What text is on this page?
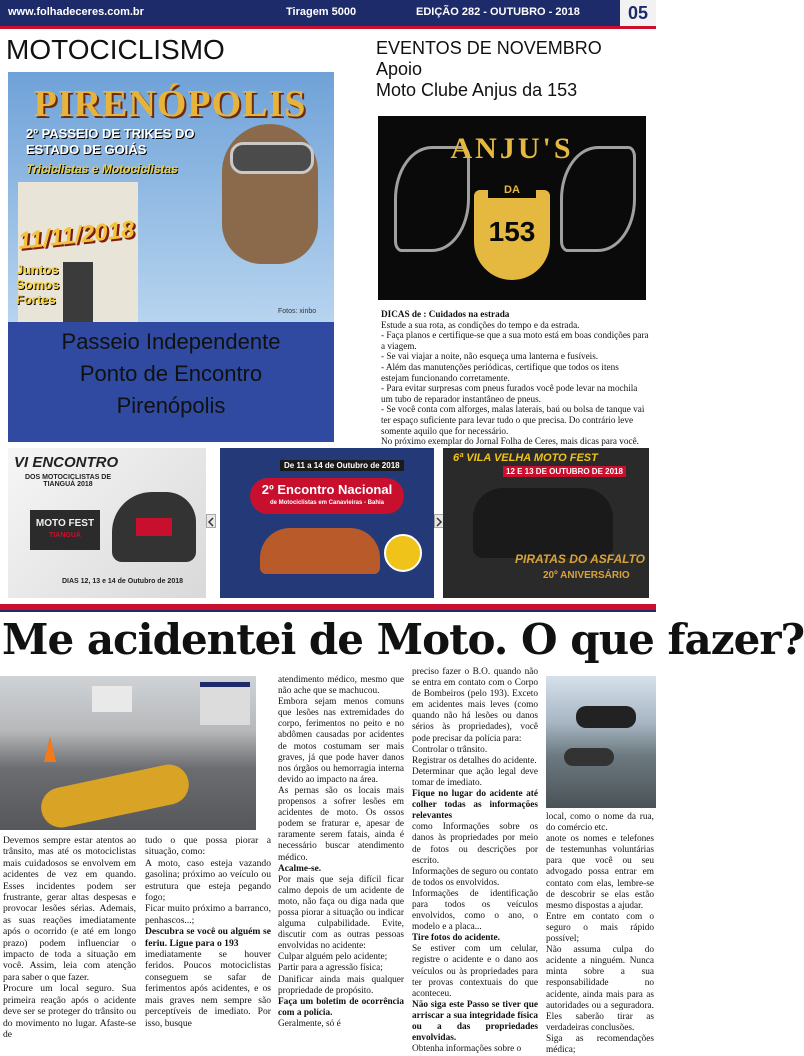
www.folhadeceres.com.br	Tiragem 5000	EDIÇÃO 282 - OUTUBRO - 2018	05
MOTOCICLISMO	EVENTOS DE NOVEMBRO
Apoio
Moto Clube Anjus da 153
PIRENÓPOLIS
2º PASSEIO DE TRIKES DO ESTADO DE GOIÁS
Triciclistas e Motociclistas
11/11/2018
Juntos Somos Fortes
Fotos: xinbo
Passeio Independente
Ponto de Encontro
Pirenópolis
ANJU'S
DA
153

DICAS de : Cuidados na estrada

Estude a sua rota, as condições do tempo e da estrada.

- Faça planos e certifique-se que a sua moto está em boas condições para a viagem.

- Se vai viajar a noite, não esqueça uma lanterna e fusíveis.

- Além das manutenções periódicas, certifique que todos os itens estejam funcionando corretamente.

- Para evitar surpresas com pneus furados você pode levar na mochila um tubo de reparador instantâneo de pneus.

- Se você conta com alforges, malas laterais, baú ou bolsa de tanque vai ter espaço suficiente para levar tudo o que precisa. Do contrário leve somente aquilo que for necessário.

No próximo exemplar do Jornal Folha de Ceres, mais dicas para você.

VI ENCONTRO
DOS MOTOCICLISTAS DE TIANGUÁ 2018
MOTO FEST
TIANGUÁ
DIAS 12, 13 e 14 de Outubro de 2018
De 11 a 14 de Outubro de 2018
2º Encontro Nacional
de Motociclistas em Canavieiras - Bahia
6ª VILA VELHA MOTO FEST
12 E 13 DE OUTUBRO DE 2018
PIRATAS DO ASFALTO
20º ANIVERSÁRIO
Me acidentei de Moto. O que fazer?

Devemos sempre estar atentos ao trânsito, mas até os motociclistas mais cuidadosos se envolvem em acidentes de vez em quando. Esses incidentes podem ser frustrante, gerar altas despesas e provocar lesões sérias. Ademais, as suas reações imediatamente após o ocorrido (e até em longo prazo) podem influenciar o impacto de toda a situação em você. Assim, leia com atenção para saber o que fazer.

Procure um local seguro. Sua primeira reação após o acidente deve ser se proteger do trânsito ou do movimento no lugar. Afaste-se de

tudo o que possa piorar a situação, como:

A moto, caso esteja vazando gasolina; próximo ao veículo ou estrutura que esteja pegando fogo;

Ficar muito próximo a barranco, penhascos...;

Descubra se você ou alguém se feriu. Ligue para o 193

imediatamente se houver feridos. Poucos motociclistas conseguem se safar de ferimentos após acidentes, e os mais graves nem sempre são perceptíveis de imediato. Por isso, busque

atendimento médico, mesmo que não ache que se machucou.

Embora sejam menos comuns que lesões nas extremidades do corpo, ferimentos no peito e no abdômen causadas por acidentes de motos costumam ser mais graves, já que pode haver danos nos órgãos ou hemorragia interna devido ao impacto na área.

As pernas são os locais mais propensos a sofrer lesões em acidentes de moto. Os ossos podem se fraturar e, apesar de raramente serem fatais, ainda é necessário buscar atendimento médico.

Acalme-se.

Por mais que seja difícil ficar calmo depois de um acidente de moto, não faça ou diga nada que possa piorar a situação ou indicar alguma culpabilidade. Evite, discutir com as outras pessoas envolvidas no acidente:

Culpar alguém pelo acidente;

Partir para a agressão física;

Danificar ainda mais qualquer propriedade de propósito.

Faça um boletim de ocorrência com a polícia.

Geralmente, só é

preciso fazer o B.O. quando não se entra em contato com o Corpo de Bombeiros (pelo 193). Exceto em acidentes mais leves (como quando não há lesões ou danos sérios às propriedades), você pode precisar da polícia para:

Controlar o trânsito.

Registrar os detalhes do acidente.

Determinar que ação legal deve tomar de imediato.

Fique no lugar do acidente até colher todas as informações relevantes

como Informações sobre os danos às propriedades por meio de fotos ou descrições por escrito.

Informações de seguro ou contato de todos os envolvidos.

Informações de identificação para todos os veículos envolvidos, como o ano, o modelo e a placa...

Tire fotos do acidente.

Se estiver com um celular, registre o acidente e o dano aos veículos ou às propriedades para ter provas contextuais do que aconteceu.

Não siga este Passo se tiver que arriscar a sua integridade física ou a das propriedades envolvidas.

Obtenha informações sobre o

local, como o nome da rua, do comércio etc.

anote os nomes e telefones de testemunhas voluntárias para que você ou seu advogado possa entrar em contato com elas, lembre-se de descobrir se elas estão mesmo dispostas a ajudar.

Entre em contato com o seguro o mais rápido possível;

Não assuma culpa do acidente a ninguém. Nunca minta sobre a sua responsabilidade no acidente, ainda mais para as autoridades ou a seguradora. Eles saberão tirar as verdadeiras conclusões.

Siga as recomendações médica;
